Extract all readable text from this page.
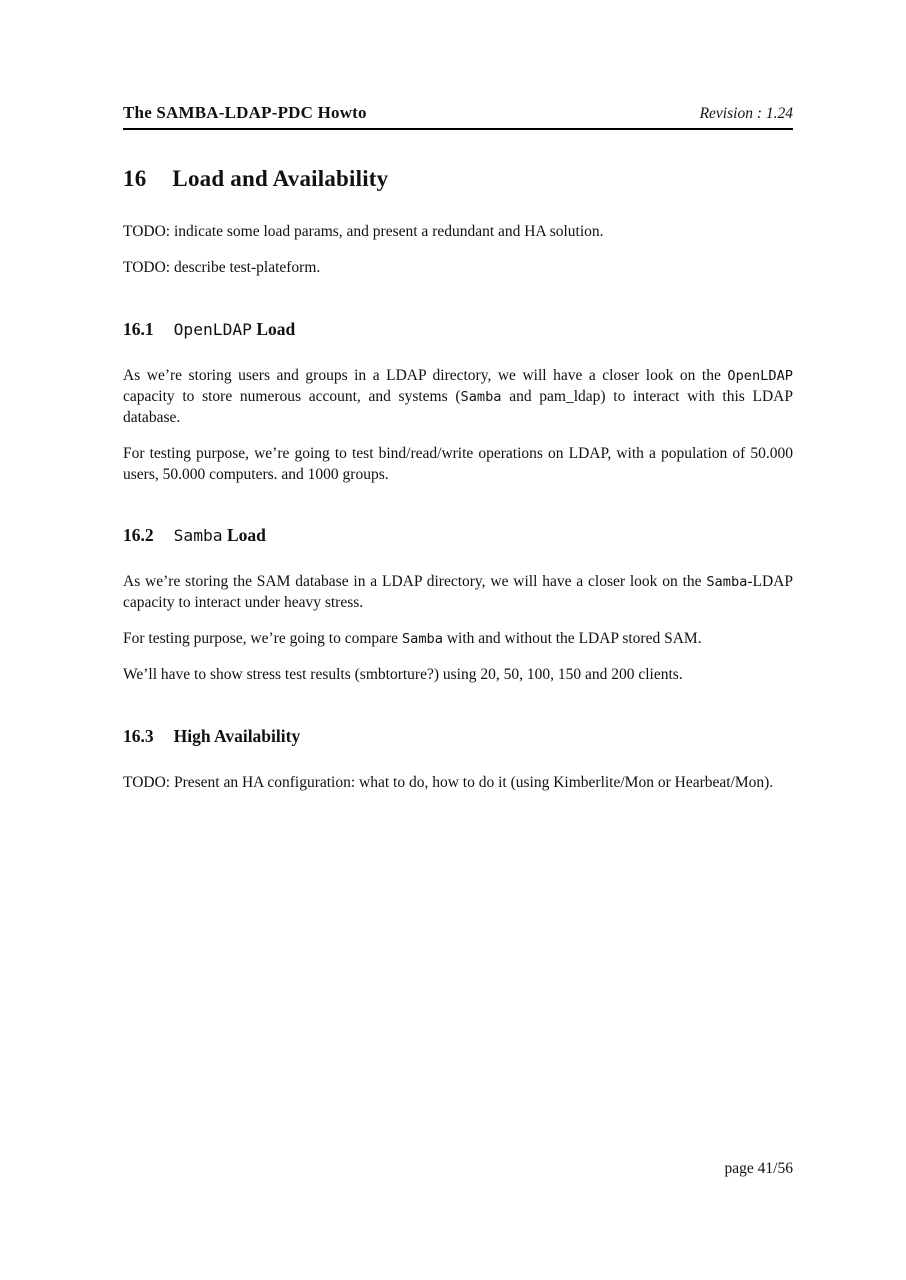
The SAMBA-LDAP-PDC Howto	Revision : 1.24
16 Load and Availability

TODO: indicate some load params, and present a redundant and HA solution.

TODO: describe test-plateform.

16.1 OpenLDAP Load

As we’re storing users and groups in a LDAP directory, we will have a closer look on the OpenLDAP capacity to store numerous account, and systems (Samba and pam_ldap) to interact with this LDAP database.

For testing purpose, we’re going to test bind/read/write operations on LDAP, with a population of 50.000 users, 50.000 computers. and 1000 groups.

16.2 Samba Load

As we’re storing the SAM database in a LDAP directory, we will have a closer look on the Samba-LDAP capacity to interact under heavy stress.

For testing purpose, we’re going to compare Samba with and without the LDAP stored SAM.

We’ll have to show stress test results (smbtorture?) using 20, 50, 100, 150 and 200 clients.

16.3 High Availability

TODO: Present an HA configuration: what to do, how to do it (using Kimberlite/Mon or Hearbeat/Mon).

page 41/56
